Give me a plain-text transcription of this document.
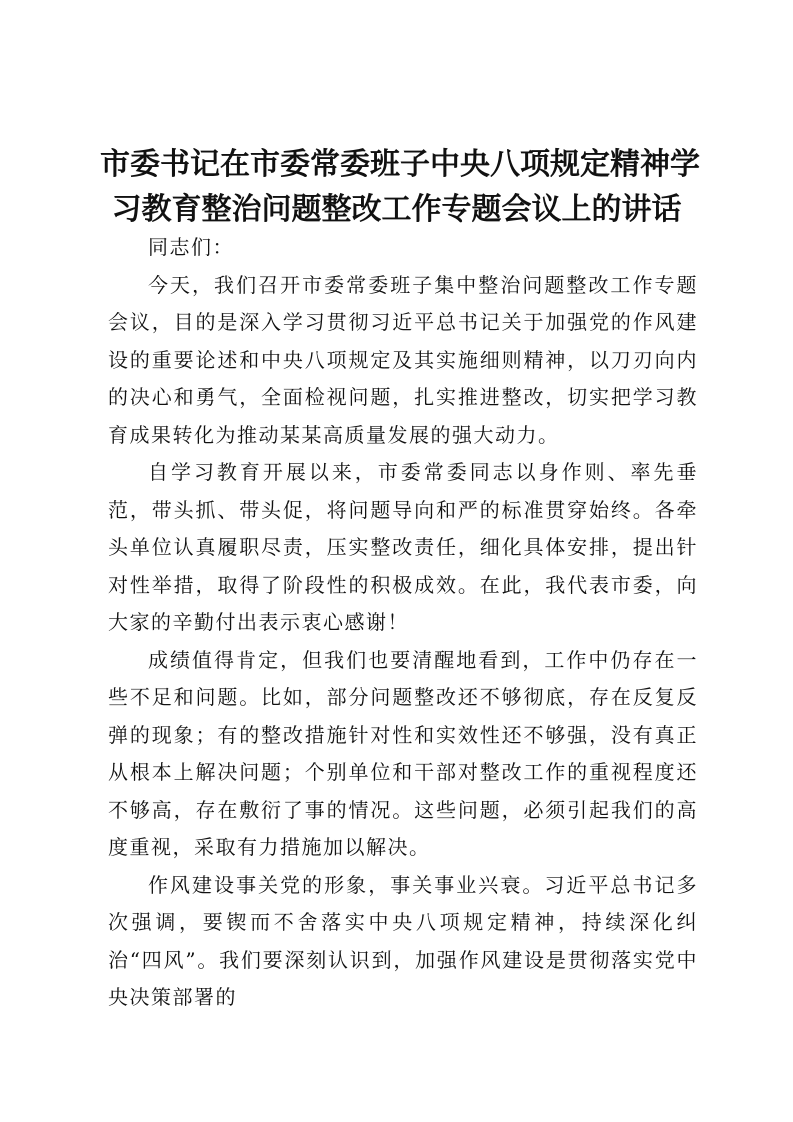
市委书记在市委常委班子中央八项规定精神学
习教育整治问题整改工作专题会议上的讲话

同志们：

今天，我们召开市委常委班子集中整治问题整改工作专题会议，目的是深入学习贯彻习近平总书记关于加强党的作风建设的重要论述和中央八项规定及其实施细则精神，以刀刃向内的决心和勇气，全面检视问题，扎实推进整改，切实把学习教育成果转化为推动某某高质量发展的强大动力。

自学习教育开展以来，市委常委同志以身作则、率先垂范，带头抓、带头促，将问题导向和严的标准贯穿始终。各牵头单位认真履职尽责，压实整改责任，细化具体安排，提出针对性举措，取得了阶段性的积极成效。在此，我代表市委，向大家的辛勤付出表示衷心感谢！

成绩值得肯定，但我们也要清醒地看到，工作中仍存在一些不足和问题。比如，部分问题整改还不够彻底，存在反复反弹的现象；有的整改措施针对性和实效性还不够强，没有真正从根本上解决问题；个别单位和干部对整改工作的重视程度还不够高，存在敷衍了事的情况。这些问题，必须引起我们的高度重视，采取有力措施加以解决。

作风建设事关党的形象，事关事业兴衰。习近平总书记多次强调，要锲而不舍落实中央八项规定精神，持续深化纠治“四风”。我们要深刻认识到，加强作风建设是贯彻落实党中央决策部署的
